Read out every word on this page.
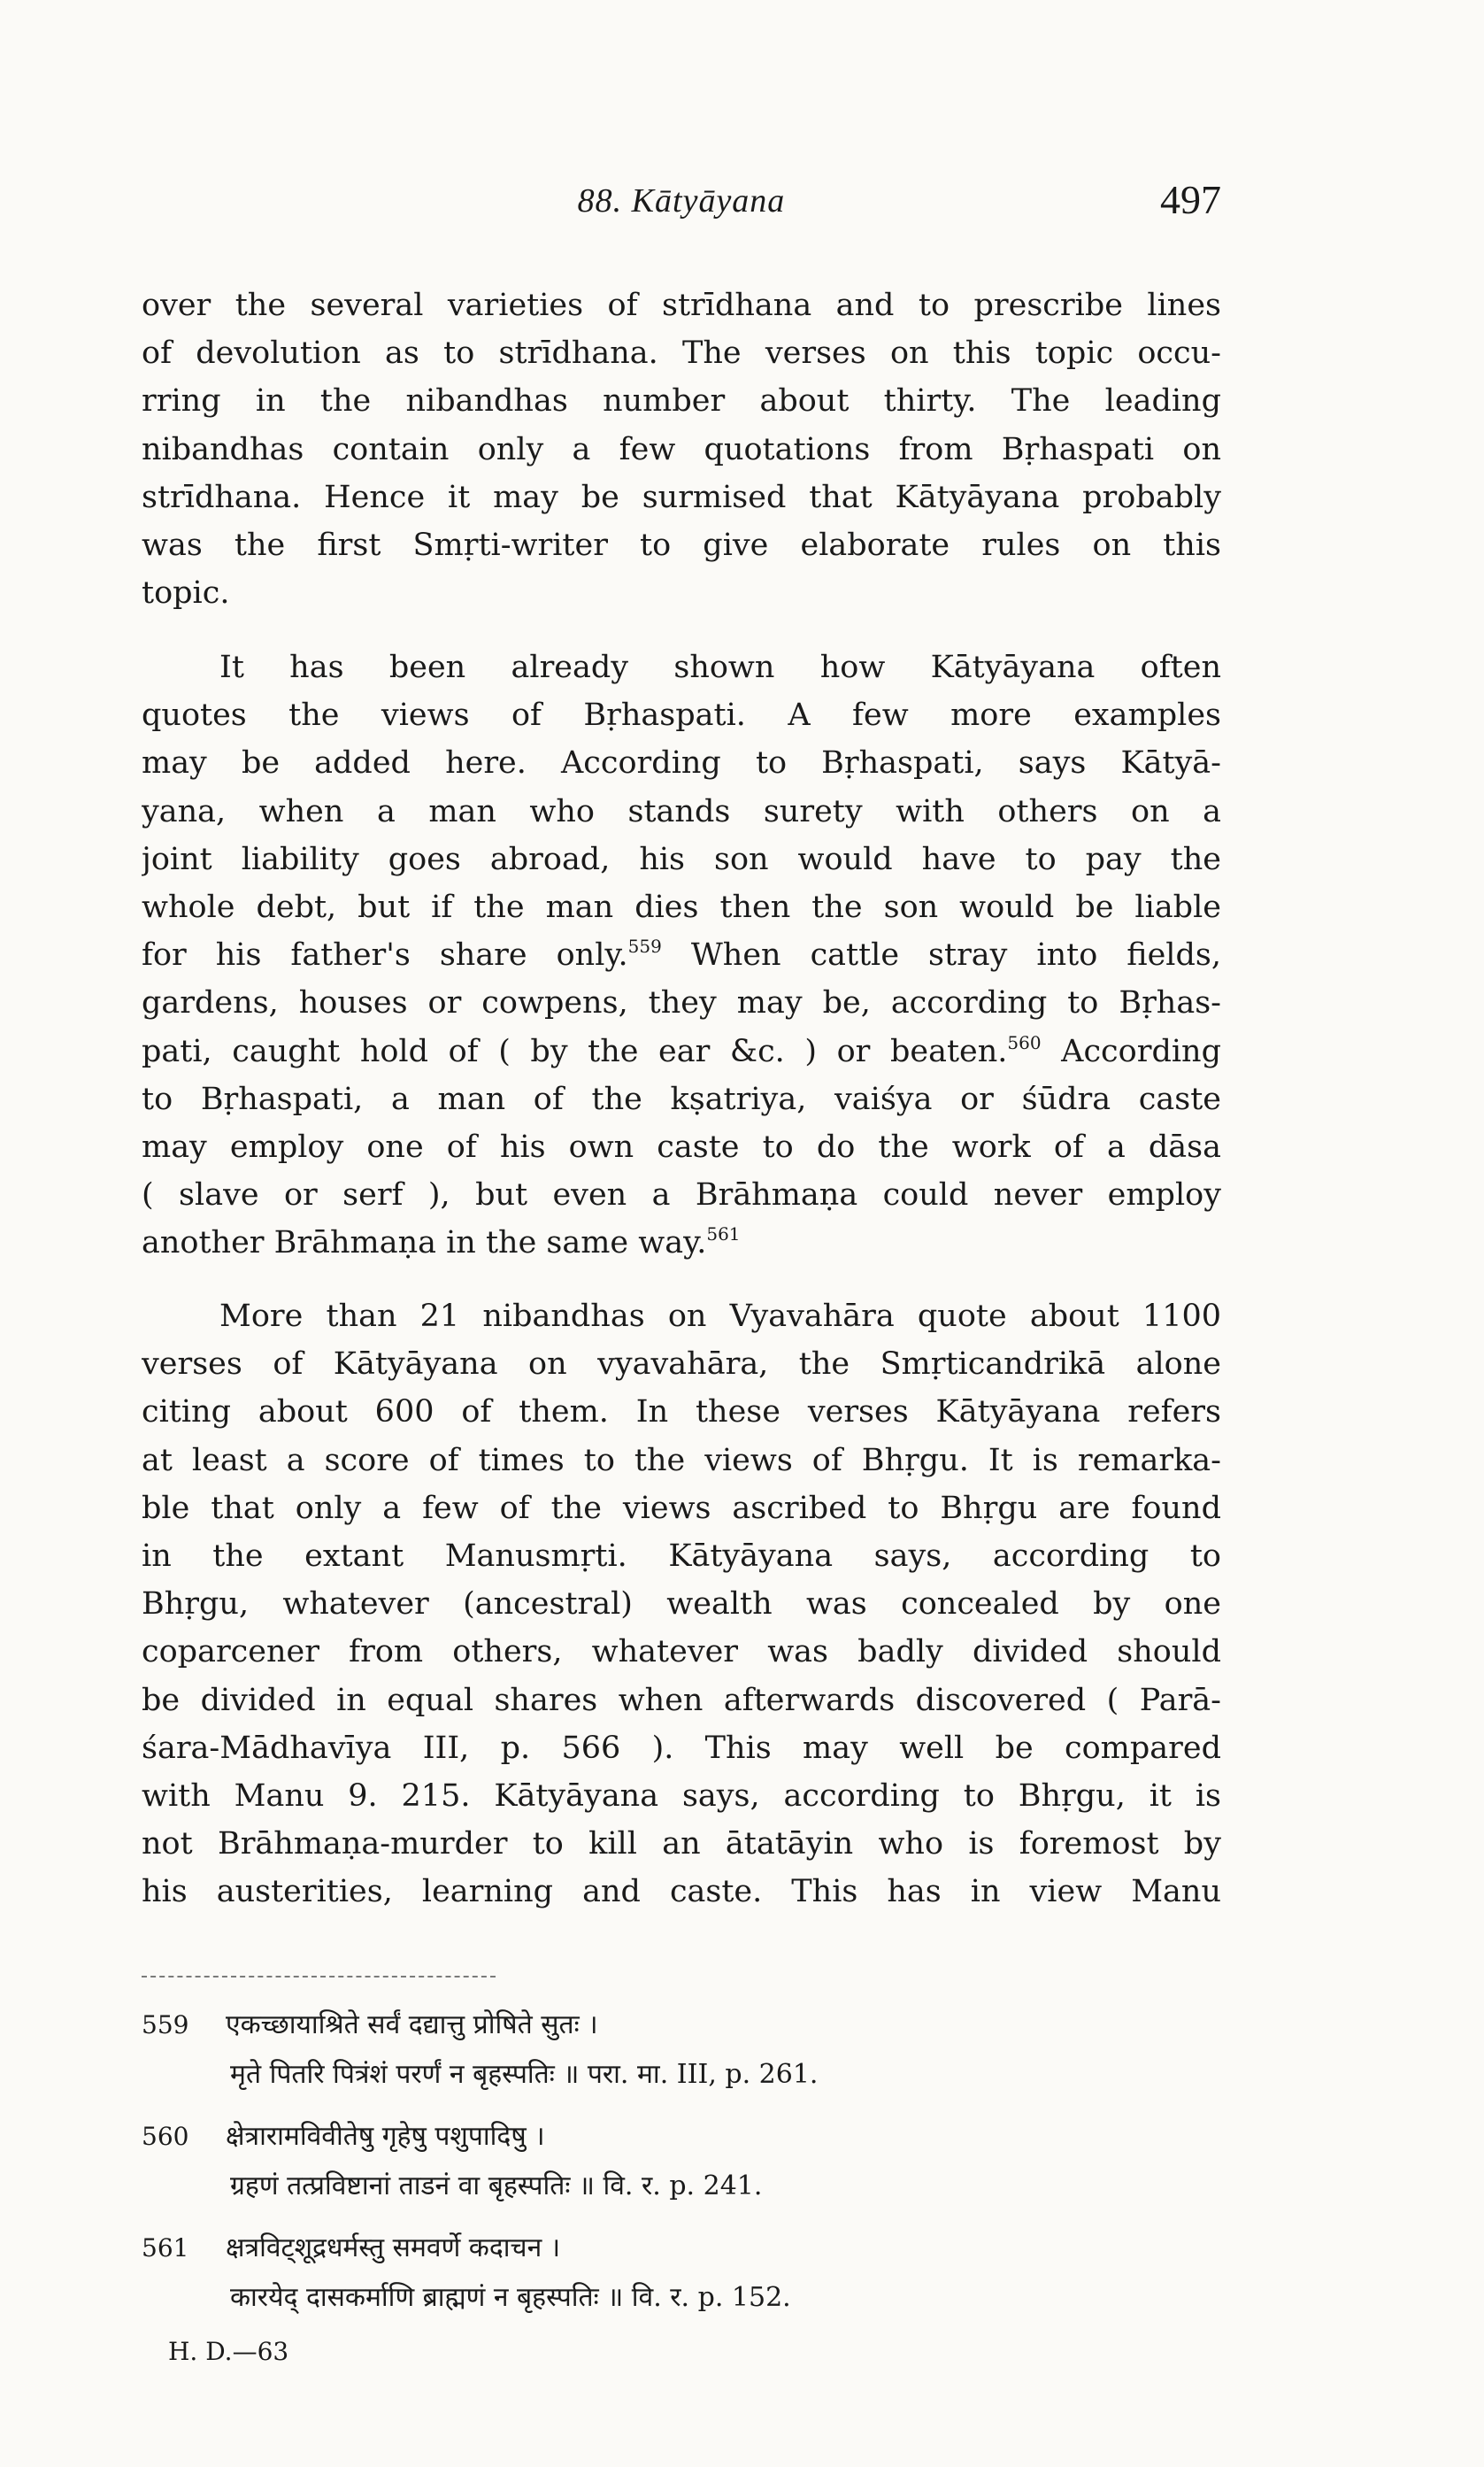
88. Kātyāyana	497
over the several varieties of strīdhana and to prescribe lines
of devolution as to strīdhana. The verses on this topic occu-
rring in the nibandhas number about thirty. The leading
nibandhas contain only a few quotations from Bṛhaspati on
strīdhana. Hence it may be surmised that Kātyāyana probably
was the first Smṛti-writer to give elaborate rules on this
topic.
It has been already shown how Kātyāyana often
quotes the views of Bṛhaspati. A few more examples
may be added here. According to Bṛhaspati, says Kātyā-
yana, when a man who stands surety with others on a
joint liability goes abroad, his son would have to pay the
whole debt, but if the man dies then the son would be liable
for his father's share only.$^{559}$ When cattle stray into fields,
gardens, houses or cowpens, they may be, according to Bṛhas-
pati, caught hold of ( by the ear &c. ) or beaten.$^{560}$ According
to Bṛhaspati, a man of the kṣatriya, vaiśya or śūdra caste
may employ one of his own caste to do the work of a dāsa
( slave or serf ), but even a Brāhmaṇa could never employ
another Brāhmaṇa in the same way.$^{561}$
More than 21 nibandhas on Vyavahāra quote about 1100
verses of Kātyāyana on vyavahāra, the Smṛticandrikā alone
citing about 600 of them. In these verses Kātyāyana refers
at least a score of times to the views of Bhṛgu. It is remarka-
ble that only a few of the views ascribed to Bhṛgu are found
in the extant Manusmṛti. Kātyāyana says, according to
Bhṛgu, whatever (ancestral) wealth was concealed by one
coparcener from others, whatever was badly divided should
be divided in equal shares when afterwards discovered ( Parā-
śara-Mādhavīya III, p. 566 ). This may well be compared
with Manu 9. 215. Kātyāyana says, according to Bhṛgu, it is
not Brāhmaṇa-murder to kill an ātatāyin who is foremost by
his austerities, learning and caste. This has in view Manu
559 एकच्छायाश्रिते सर्वं दद्यात्तु प्रोषिते सुतः ।
मृते पितरि पित्रंशं परर्णं न बृहस्पतिः ॥ परा. मा. III, p. 261.
560 क्षेत्रारामविवीतेषु गृहेषु पशुपादिषु ।
ग्रहणं तत्प्रविष्टानां ताडनं वा बृहस्पतिः ॥ वि. र. p. 241.
561 क्षत्रविट्शूद्रधर्मस्तु समवर्णे कदाचन ।
कारयेद् दासकर्माणि ब्राह्मणं न बृहस्पतिः ॥ वि. र. p. 152.
H. D.—63
